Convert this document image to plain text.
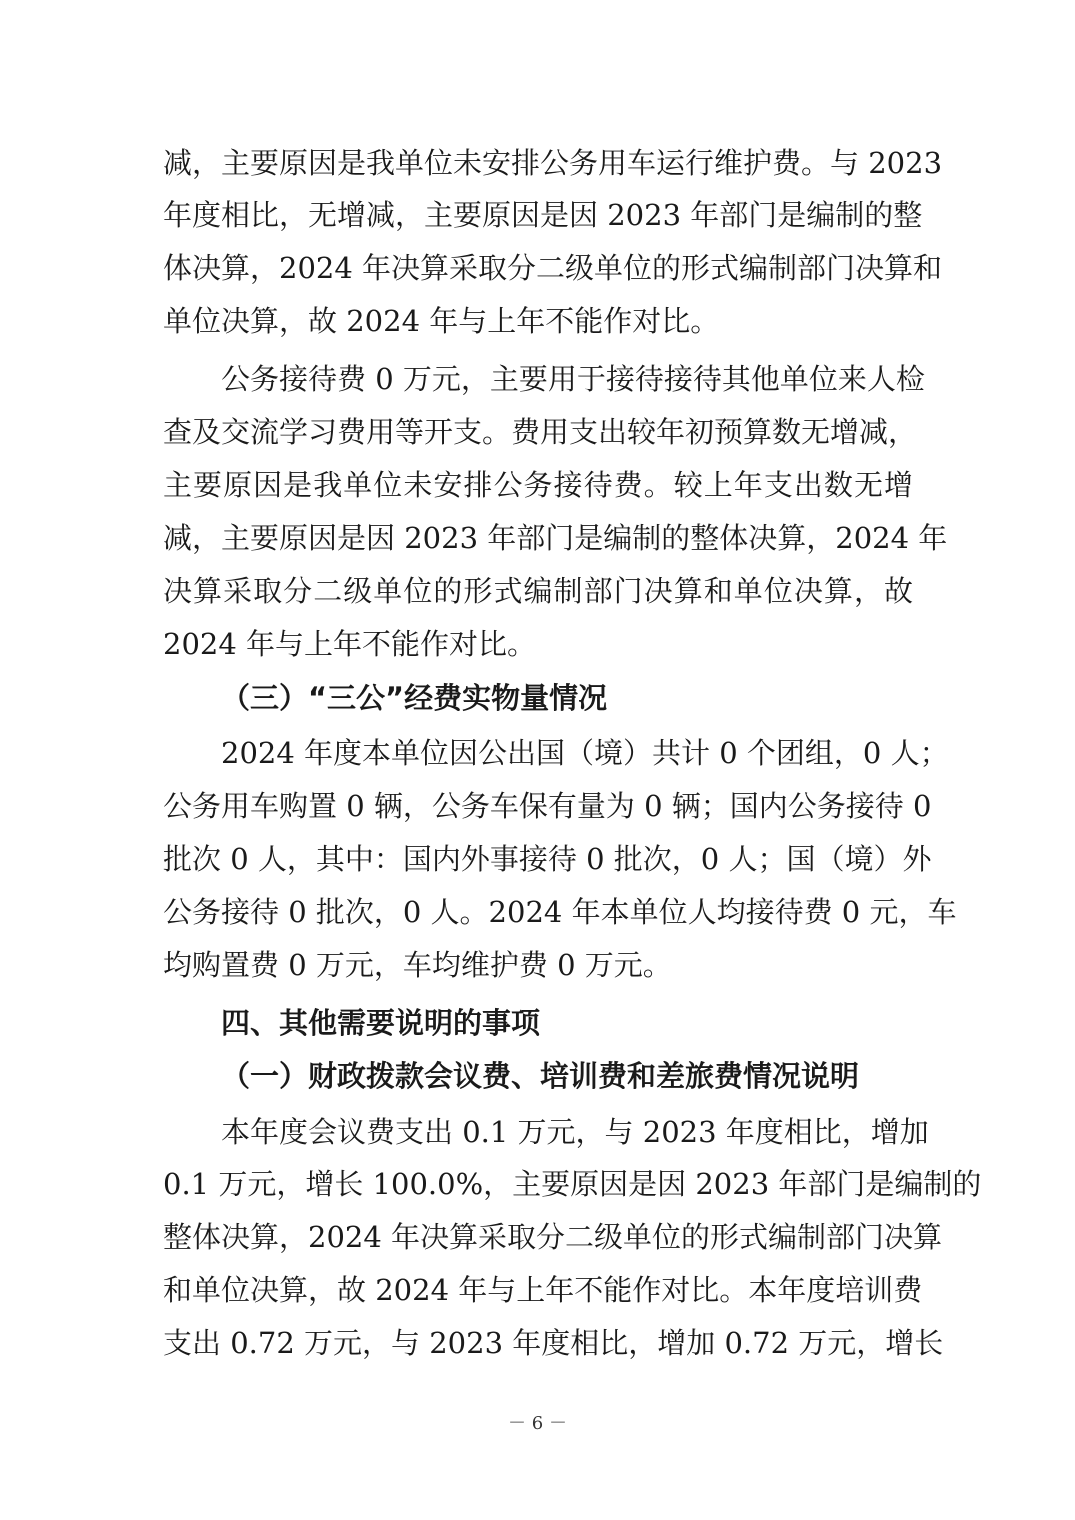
减，主要原因是我单位未安排公务用车运行维护费。与 2023
年度相比，无增减，主要原因是因 2023 年部门是编制的整
体决算，2024 年决算采取分二级单位的形式编制部门决算和
单位决算，故 2024 年与上年不能作对比。
公务接待费 0 万元，主要用于接待接待其他单位来人检
查及交流学习费用等开支。费用支出较年初预算数无增减，
主要原因是我单位未安排公务接待费。较上年支出数无增
减，主要原因是因 2023 年部门是编制的整体决算，2024 年
决算采取分二级单位的形式编制部门决算和单位决算，故
2024 年与上年不能作对比。
（三）“三公”经费实物量情况
2024 年度本单位因公出国（境）共计 0 个团组，0 人；
公务用车购置 0 辆，公务车保有量为 0 辆；国内公务接待 0
批次 0 人，其中：国内外事接待 0 批次，0 人；国（境）外
公务接待 0 批次，0 人。2024 年本单位人均接待费 0 元，车
均购置费 0 万元，车均维护费 0 万元。
四、其他需要说明的事项
（一）财政拨款会议费、培训费和差旅费情况说明
本年度会议费支出 0.1 万元，与 2023 年度相比，增加
0.1 万元，增长 100.0%，主要原因是因 2023 年部门是编制的
整体决算，2024 年决算采取分二级单位的形式编制部门决算
和单位决算，故 2024 年与上年不能作对比。本年度培训费
支出 0.72 万元，与 2023 年度相比，增加 0.72 万元，增长
－ 6 －
